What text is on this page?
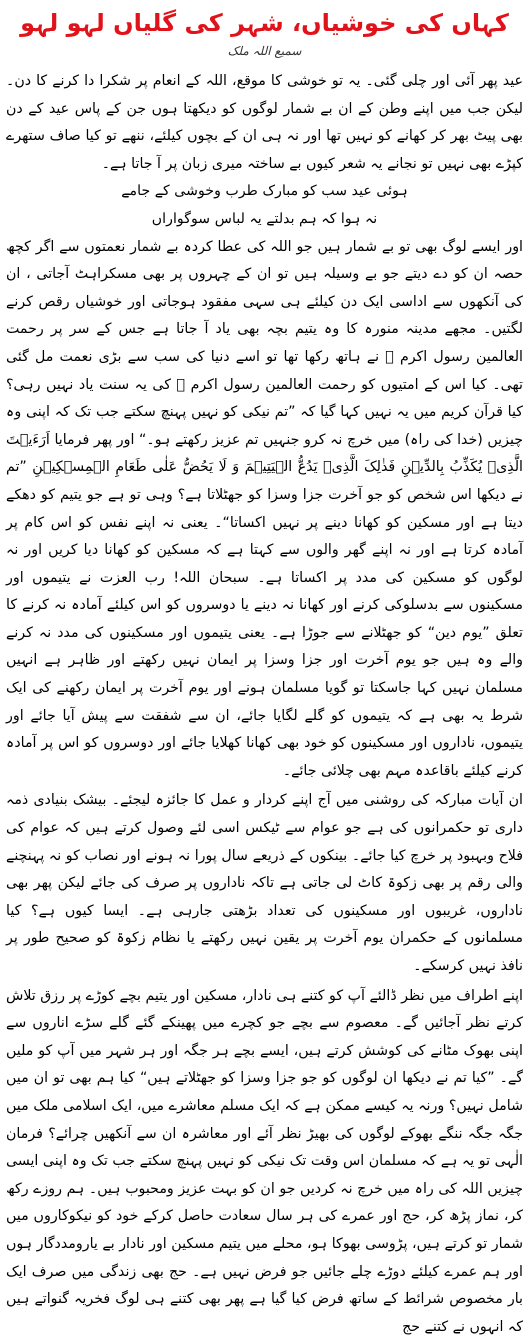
کہاں کی خوشیاں، شہر کی گلیاں لہو لہو
سمیع اللہ ملک

عید پھر آئی اور چلی گئی۔ یہ تو خوشی کا موقع، اللہ کے انعام پر شکرا دا کرنے کا دن۔ لیکن جب میں اپنے وطن کے ان بے شمار لوگوں کو دیکھتا ہوں جن کے پاس عید کے دن بھی پیٹ بھر کر کھانے کو نہیں تھا اور نہ ہی ان کے بچوں کیلئے، ننھے تو کیا صاف ستھرے کپڑے بھی نہیں تو نجانے یہ شعر کیوں بے ساختہ میری زبان پر آ جاتا ہے۔

ہوئی عید سب کو مبارک طرب وخوشی کے جامے

نہ ہوا کہ ہم بدلتے یہ لباس سوگواراں

اور ایسے لوگ بھی تو بے شمار ہیں جو اللہ کی عطا کردہ بے شمار نعمتوں سے اگر کچھ حصہ ان کو دے دیتے جو بے وسیلہ ہیں تو ان کے چہروں پر بھی مسکراہٹ آجاتی ، ان کی آنکھوں سے اداسی ایک دن کیلئے ہی سہی مفقود ہوجاتی اور خوشیاں رقص کرنے لگتیں۔ مجھے مدینہ منورہ کا وہ یتیم بچہ بھی یاد آ جاتا ہے جس کے سر پر رحمت العالمین رسول اکرم ﷺ نے ہاتھ رکھا تھا تو اسے دنیا کی سب سے بڑی نعمت مل گئی تھی۔ کیا اس کے امتیوں کو رحمت العالمین رسول اکرم ﷺ کی یہ سنت یاد نہیں رہی؟ کیا قرآن کریم میں یہ نہیں کہا گیا کہ ”تم نیکی کو نہیں پہنچ سکتے جب تک کہ اپنی وہ چیزیں (خدا کی راہ) میں خرچ نہ کرو جنہیں تم عزیز رکھتے ہو۔“ اور پھر فرمایا اَرَءَیۡتَ الَّذِیۡ یُکَذِّبُ بِالدِّیۡنِ فَذٰلِکَ الَّذِیۡ یَدُعُّ الۡیَتِیۡمَ وَ لَا یَحُضُّ عَلٰی طَعَامِ الۡمِسۡکِیۡنِ ”تم نے دیکھا اس شخص کو جو آخرت جزا وسزا کو جھٹلاتا ہے؟ وہی تو ہے جو یتیم کو دھکے دیتا ہے اور مسکین کو کھانا دینے پر نہیں اکساتا“۔ یعنی نہ اپنے نفس کو اس کام پر آمادہ کرتا ہے اور نہ اپنے گھر والوں سے کہتا ہے کہ مسکین کو کھانا دیا کریں اور نہ لوگوں کو مسکین کی مدد پر اکساتا ہے۔ سبحان اللہ! رب العزت نے یتیموں اور مسکینوں سے بدسلوکی کرنے اور کھانا نہ دینے یا دوسروں کو اس کیلئے آمادہ نہ کرنے کا تعلق ”یوم دین“ کو جھٹلانے سے جوڑا ہے۔ یعنی یتیموں اور مسکینوں کی مدد نہ کرنے والے وہ ہیں جو یوم آخرت اور جزا وسزا پر ایمان نہیں رکھتے اور ظاہر ہے انہیں مسلمان نہیں کہا جاسکتا تو گویا مسلمان ہونے اور یوم آخرت پر ایمان رکھنے کی ایک شرط یہ بھی ہے کہ یتیموں کو گلے لگایا جائے، ان سے شفقت سے پیش آیا جائے اور یتیموں، ناداروں اور مسکینوں کو خود بھی کھانا کھلایا جائے اور دوسروں کو اس پر آمادہ کرنے کیلئے باقاعدہ مہم بھی چلائی جائے۔

ان آیات مبارکہ کی روشنی میں آج اپنے کردار و عمل کا جائزہ لیجئے۔ بیشک بنیادی ذمہ داری تو حکمرانوں کی ہے جو عوام سے ٹیکس اسی لئے وصول کرتے ہیں کہ عوام کی فلاح وبہبود پر خرچ کیا جائے۔ بینکوں کے ذریعے سال پورا نہ ہونے اور نصاب کو نہ پہنچنے والی رقم پر بھی زکوۃ کاٹ لی جاتی ہے تاکہ ناداروں پر صرف کی جائے لیکن پھر بھی ناداروں، غریبوں اور مسکینوں کی تعداد بڑھتی جارہی ہے۔ ایسا کیوں ہے؟ کیا مسلمانوں کے حکمران یوم آخرت پر یقین نہیں رکھتے یا نظام زکوۃ کو صحیح طور پر نافذ نہیں کرسکے۔

اپنے اطراف میں نظر ڈالئے آپ کو کتنے ہی نادار، مسکین اور یتیم بچے کوڑے پر رزق تلاش کرتے نظر آجائیں گے۔ معصوم سے بچے جو کچرے میں پھینکے گئے گلے سڑے اناروں سے اپنی بھوک مٹانے کی کوشش کرتے ہیں، ایسے بچے ہر جگہ اور ہر شہر میں آپ کو ملیں گے۔ ”کیا تم نے دیکھا ان لوگوں کو جو جزا وسزا کو جھٹلاتے ہیں“ کیا ہم بھی تو ان میں شامل نہیں؟ ورنہ یہ کیسے ممکن ہے کہ ایک مسلم معاشرے میں، ایک اسلامی ملک میں جگہ جگہ ننگے بھوکے لوگوں کی بھیڑ نظر آئے اور معاشرہ ان سے آنکھیں چرائے؟ فرمان الٰہی تو یہ ہے کہ مسلمان اس وقت تک نیکی کو نہیں پہنچ سکتے جب تک وہ اپنی ایسی چیزیں اللہ کی راہ میں خرچ نہ کردیں جو ان کو بہت عزیز ومحبوب ہیں۔ ہم روزے رکھ کر، نماز پڑھ کر، حج اور عمرے کی ہر سال سعادت حاصل کرکے خود کو نیکوکاروں میں شمار تو کرتے ہیں، پڑوسی بھوکا ہو، محلے میں یتیم مسکین اور نادار بے یارومددگار ہوں اور ہم عمرے کیلئے دوڑے چلے جائیں جو فرض نہیں ہے۔ حج بھی زندگی میں صرف ایک بار مخصوص شرائط کے ساتھ فرض کیا گیا ہے پھر بھی کتنے ہی لوگ فخریہ گنواتے ہیں کہ انہوں نے کتنے حج
